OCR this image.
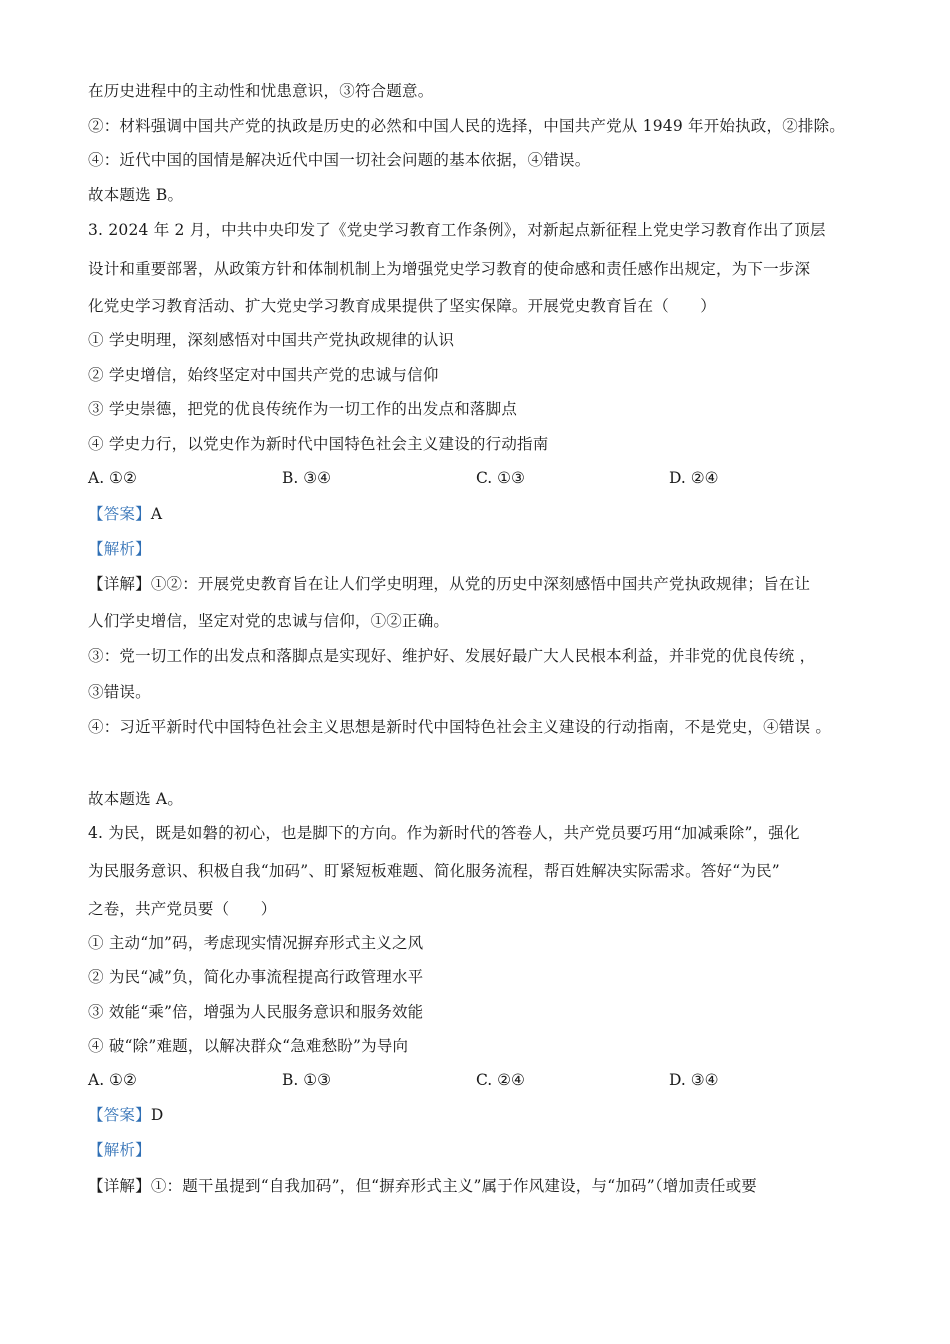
在历史进程中的主动性和忧患意识，③符合题意。
②：材料强调中国共产党的执政是历史的必然和中国人民的选择，中国共产党从 1949 年开始执政，②排除。
④：近代中国的国情是解决近代中国一切社会问题的基本依据，④错误。
故本题选 B。
3. 2024 年 2 月，中共中央印发了《党史学习教育工作条例》，对新起点新征程上党史学习教育作出了顶层
设计和重要部署，从政策方针和体制机制上为增强党史学习教育的使命感和责任感作出规定，为下一步深
化党史学习教育活动、扩大党史学习教育成果提供了坚实保障。开展党史教育旨在（　　）
① 学史明理，深刻感悟对中国共产党执政规律的认识
② 学史增信，始终坚定对中国共产党的忠诚与信仰
③ 学史崇德，把党的优良传统作为一切工作的出发点和落脚点
④ 学史力行，以党史作为新时代中国特色社会主义建设的行动指南
A. ①②	B. ③④	C. ①③	D. ②④
【答案】A
【解析】
【详解】①②：开展党史教育旨在让人们学史明理，从党的历史中深刻感悟中国共产党执政规律；旨在让
人们学史增信，坚定对党的忠诚与信仰，①②正确。
③：党一切工作的出发点和落脚点是实现好、维护好、发展好最广大人民根本利益，并非党的优良传统 ，
③错误。
④：习近平新时代中国特色社会主义思想是新时代中国特色社会主义建设的行动指南，不是党史，④错误 。
故本题选 A。
4. 为民，既是如磐的初心，也是脚下的方向。作为新时代的答卷人，共产党员要巧用“加减乘除”，强化
为民服务意识、积极自我“加码”、盯紧短板难题、简化服务流程，帮百姓解决实际需求。答好“为民”
之卷，共产党员要（　　）
① 主动“加”码，考虑现实情况摒弃形式主义之风
② 为民“减”负，简化办事流程提高行政管理水平
③ 效能“乘”倍，增强为人民服务意识和服务效能
④ 破“除”难题，以解决群众“急难愁盼”为导向
A. ①②	B. ①③	C. ②④	D. ③④
【答案】D
【解析】
【详解】①：题干虽提到“自我加码”，但“摒弃形式主义”属于作风建设，与“加码”（增加责任或要
